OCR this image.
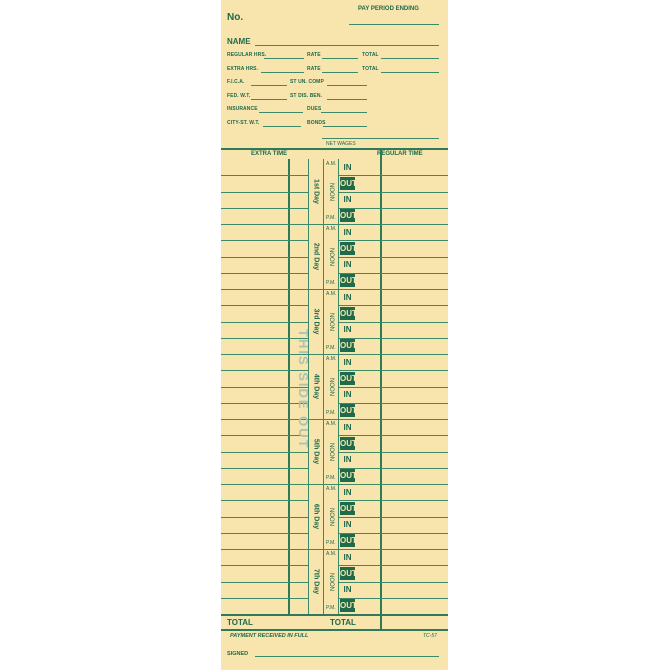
No.
PAY PERIOD ENDING
NAME
REGULAR HRS.	RATE	TOTAL
EXTRA HRS.	RATE	TOTAL
F.I.C.A.	ST UN. COMP
FED. W.T.	ST DIS. BEN.
INSURANCE	DUES
CITY-ST. W.T.	BONDS
NET WAGES
EXTRA TIME	REGULAR TIME
1st Day
A.M. IN
NOON OUT
IN
P.M. OUT
2nd Day
A.M. IN
NOON OUT
IN
P.M. OUT
3rd Day
A.M. IN
NOON OUT
IN
P.M. OUT
4th Day
A.M. IN
NOON OUT
IN
P.M. OUT
5th Day
A.M. IN
NOON OUT
IN
P.M. OUT
6th Day
A.M. IN
NOON OUT
IN
P.M. OUT
7th Day
A.M. IN
NOON OUT
IN
P.M. OUT
THIS SIDE OUT
TOTAL	TOTAL
PAYMENT RECEIVED IN FULL	TC-57
SIGNED
